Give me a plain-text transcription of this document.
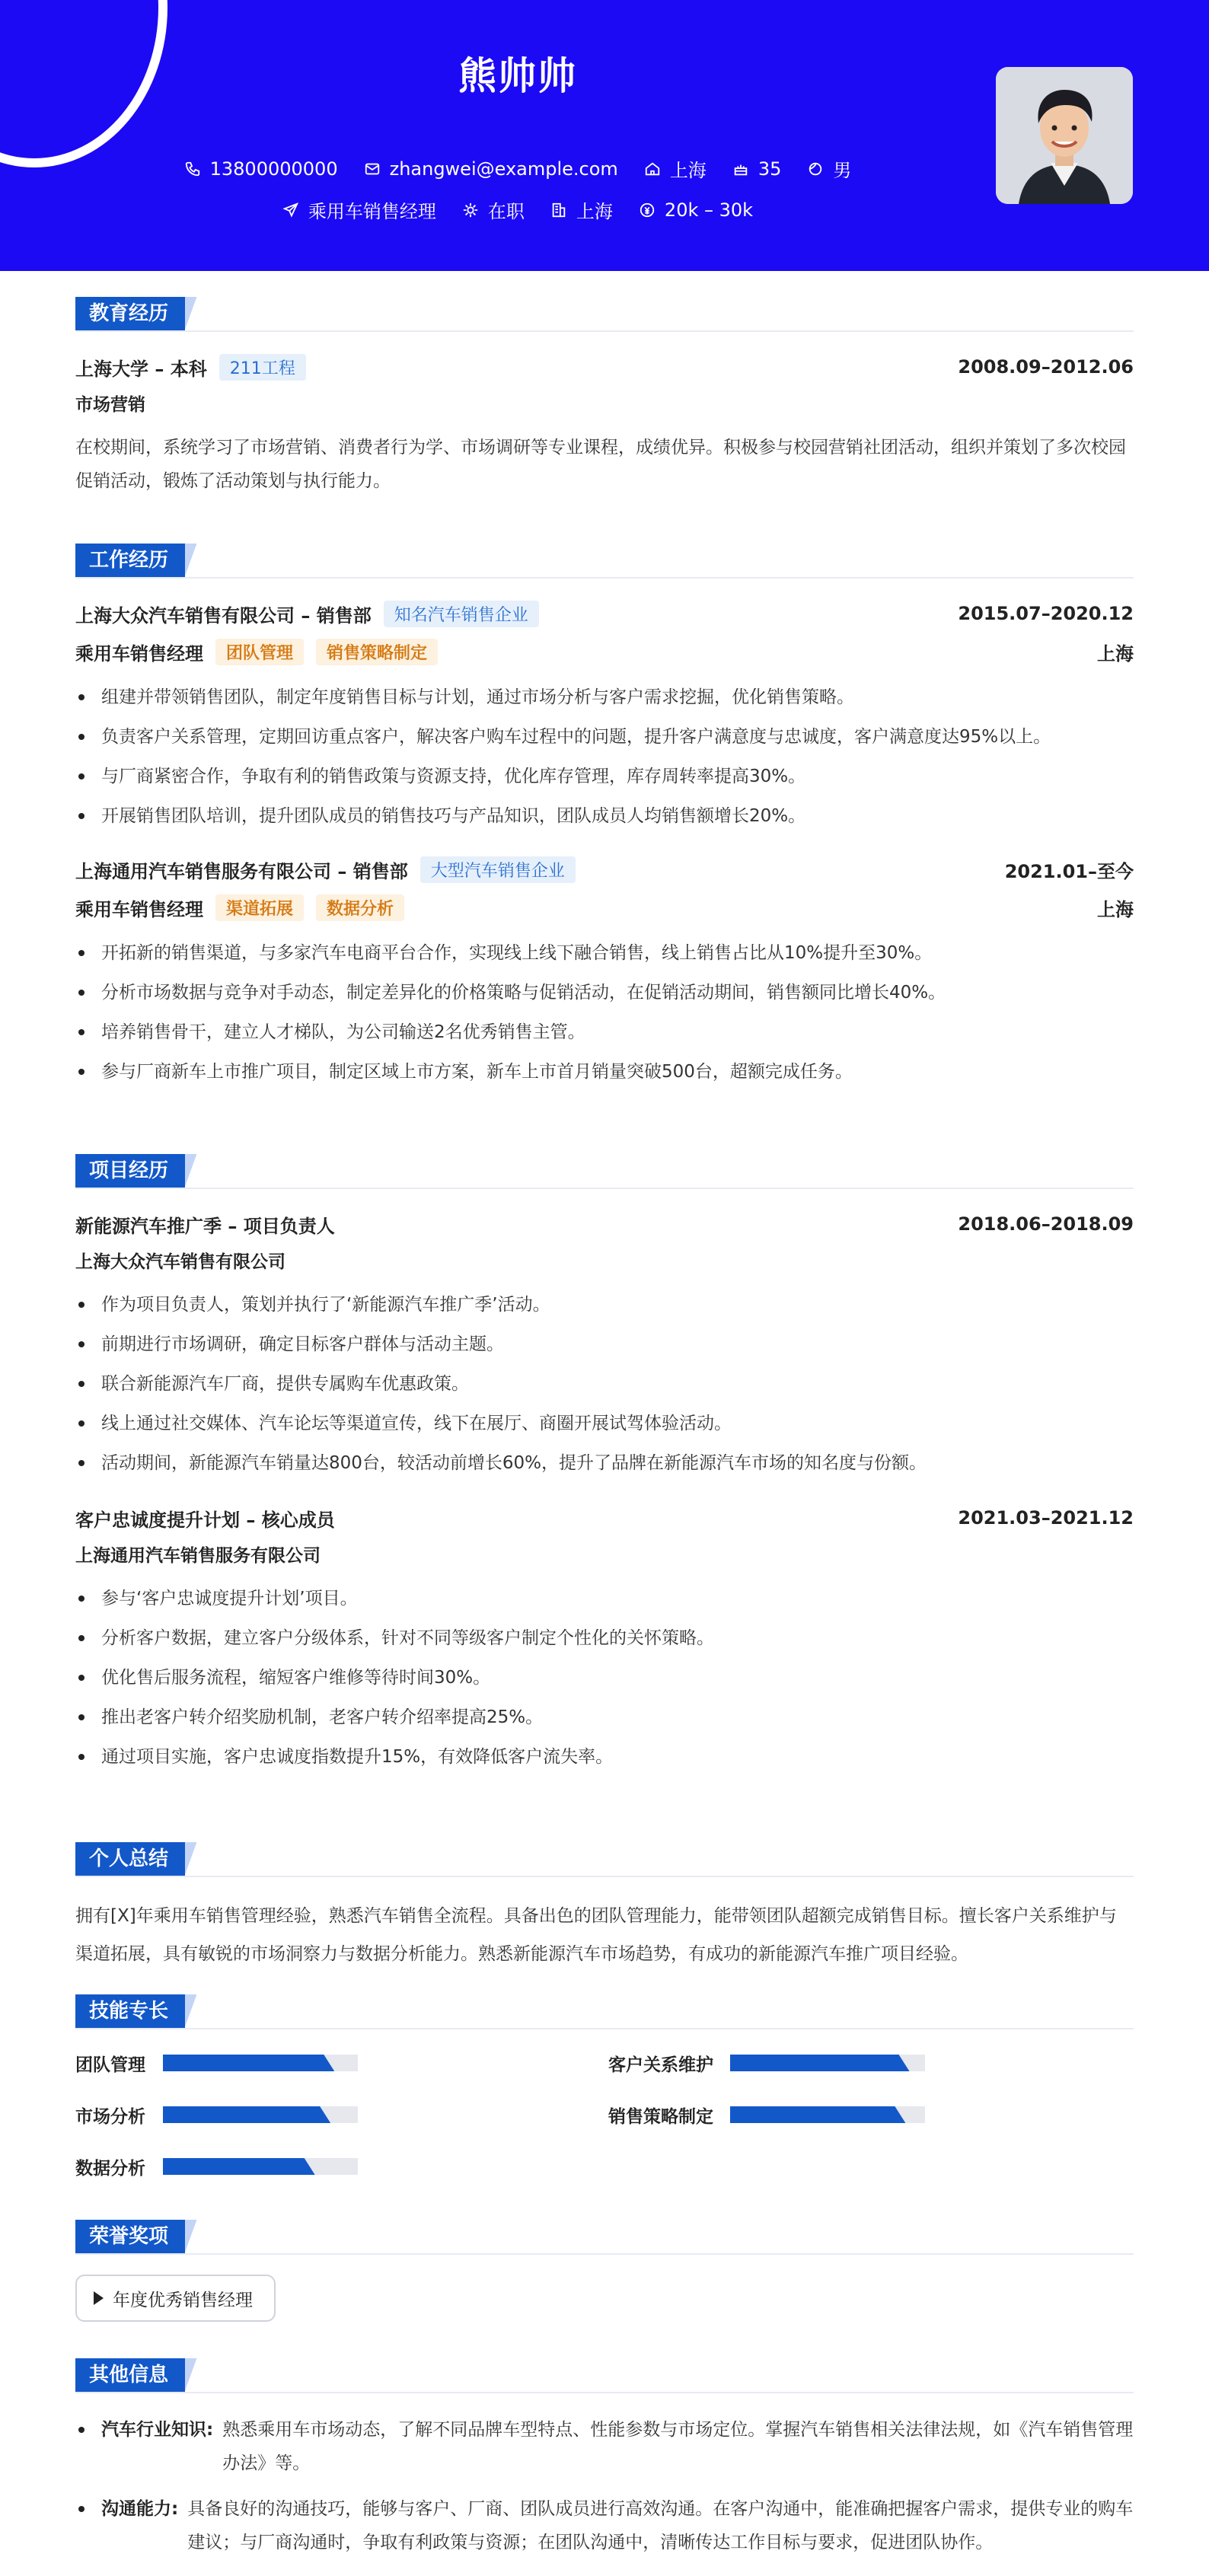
熊帅帅
13800000000	zhangwei@example.com	上海	35	男
乘用车销售经理	在职	上海	20k – 30k
教育经历
上海大学 – 本科	211工程	2008.09–2012.06
市场营销
在校期间，系统学习了市场营销、消费者行为学、市场调研等专业课程，成绩优异。积极参与校园营销社团活动，组织并策划了多次校园促销活动，锻炼了活动策划与执行能力。
工作经历
上海大众汽车销售有限公司 – 销售部	知名汽车销售企业	2015.07–2020.12
乘用车销售经理	团队管理	销售策略制定	上海
组建并带领销售团队，制定年度销售目标与计划，通过市场分析与客户需求挖掘，优化销售策略。
负责客户关系管理，定期回访重点客户，解决客户购车过程中的问题，提升客户满意度与忠诚度，客户满意度达95%以上。
与厂商紧密合作，争取有利的销售政策与资源支持，优化库存管理，库存周转率提高30%。
开展销售团队培训，提升团队成员的销售技巧与产品知识，团队成员人均销售额增长20%。
上海通用汽车销售服务有限公司 – 销售部	大型汽车销售企业	2021.01–至今
乘用车销售经理	渠道拓展	数据分析	上海
开拓新的销售渠道，与多家汽车电商平台合作，实现线上线下融合销售，线上销售占比从10%提升至30%。
分析市场数据与竞争对手动态，制定差异化的价格策略与促销活动，在促销活动期间，销售额同比增长40%。
培养销售骨干，建立人才梯队，为公司输送2名优秀销售主管。
参与厂商新车上市推广项目，制定区域上市方案，新车上市首月销量突破500台，超额完成任务。
项目经历
新能源汽车推广季 – 项目负责人	2018.06–2018.09
上海大众汽车销售有限公司
作为项目负责人，策划并执行了‘新能源汽车推广季’活动。
前期进行市场调研，确定目标客户群体与活动主题。
联合新能源汽车厂商，提供专属购车优惠政策。
线上通过社交媒体、汽车论坛等渠道宣传，线下在展厅、商圈开展试驾体验活动。
活动期间，新能源汽车销量达800台，较活动前增长60%，提升了品牌在新能源汽车市场的知名度与份额。
客户忠诚度提升计划 – 核心成员	2021.03–2021.12
上海通用汽车销售服务有限公司
参与‘客户忠诚度提升计划’项目。
分析客户数据，建立客户分级体系，针对不同等级客户制定个性化的关怀策略。
优化售后服务流程，缩短客户维修等待时间30%。
推出老客户转介绍奖励机制，老客户转介绍率提高25%。
通过项目实施，客户忠诚度指数提升15%，有效降低客户流失率。
个人总结
拥有[X]年乘用车销售管理经验，熟悉汽车销售全流程。具备出色的团队管理能力，能带领团队超额完成销售目标。擅长客户关系维护与渠道拓展，具有敏锐的市场洞察力与数据分析能力。熟悉新能源汽车市场趋势，有成功的新能源汽车推广项目经验。
技能专长
团队管理	客户关系维护
市场分析	销售策略制定
数据分析
荣誉奖项
年度优秀销售经理
其他信息
汽车行业知识: 熟悉乘用车市场动态，了解不同品牌车型特点、性能参数与市场定位。掌握汽车销售相关法律法规，如《汽车销售管理办法》等。
沟通能力: 具备良好的沟通技巧，能够与客户、厂商、团队成员进行高效沟通。在客户沟通中，能准确把握客户需求，提供专业的购车建议；与厂商沟通时，争取有利政策与资源；在团队沟通中，清晰传达工作目标与要求，促进团队协作。
